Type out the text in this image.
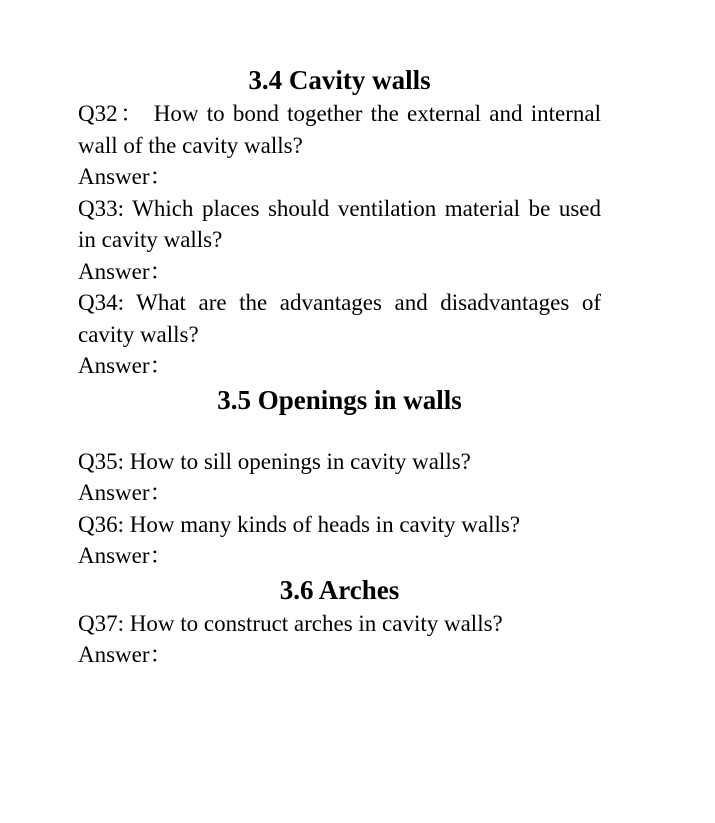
3.4 Cavity walls

Q32： How to bond together the external and internal wall of the cavity walls?

Answer：

Q33: Which places should ventilation material be used in cavity walls?

Answer：

Q34: What are the advantages and disadvantages of cavity walls?

Answer：

3.5 Openings in walls

Q35: How to sill openings in cavity walls?

Answer：

Q36: How many kinds of heads in cavity walls?

Answer：

3.6 Arches

Q37: How to construct arches in cavity walls?

Answer：
